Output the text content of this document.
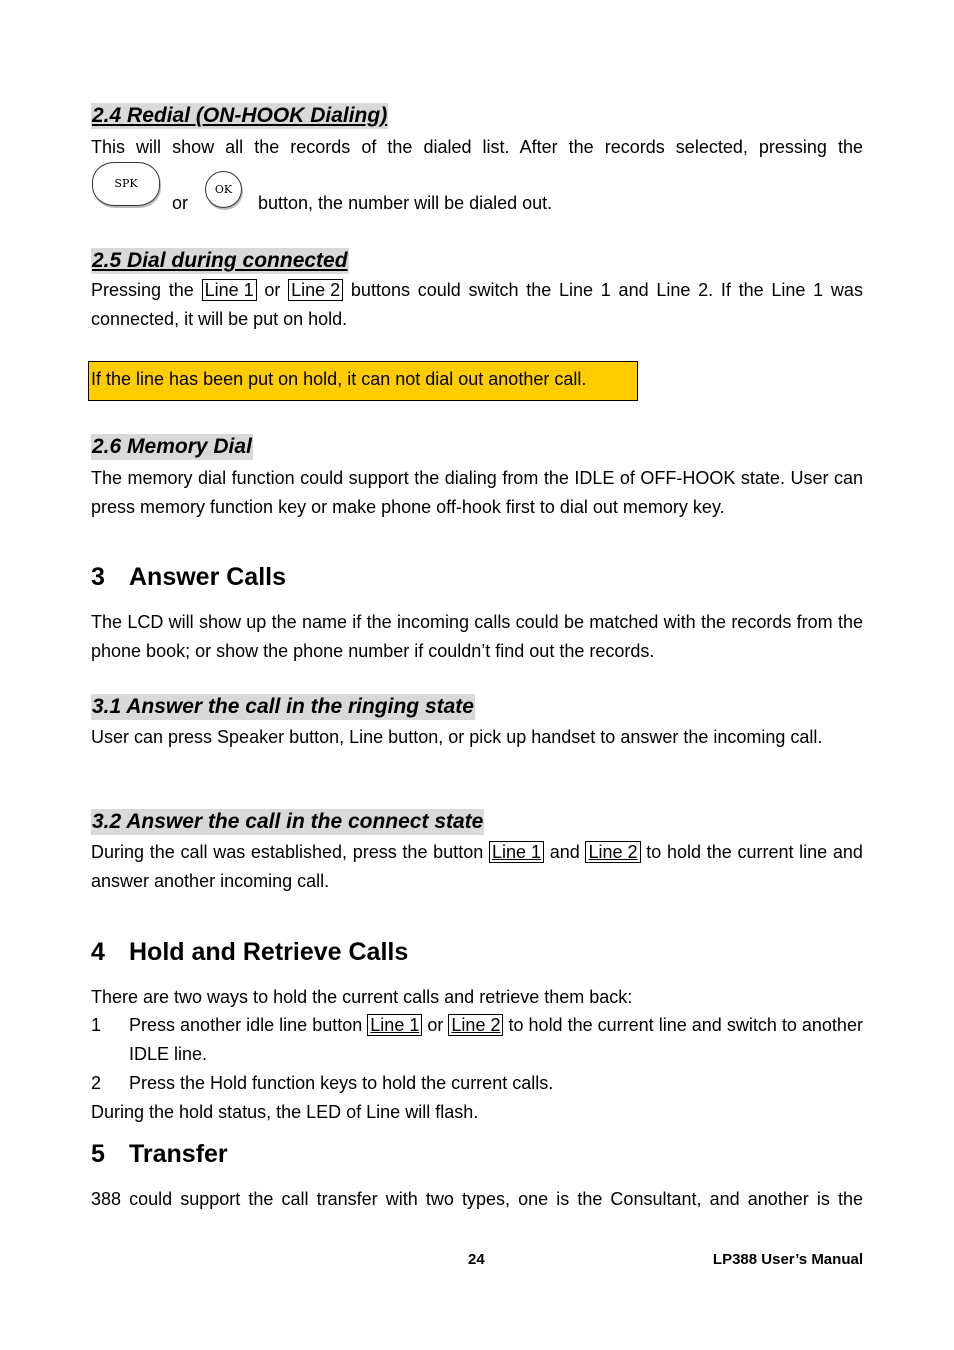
2.4 Redial (ON-HOOK Dialing)
This will show all the records of the dialed list. After the records selected, pressing the
SPK
or
OK
button, the number will be dialed out.
2.5 Dial during connected
Pressing the Line 1 or Line 2 buttons could switch the Line 1 and Line 2. If the Line 1 was connected, it will be put on hold.
If the line has been put on hold, it can not dial out another call.
2.6 Memory Dial
The memory dial function could support the dialing from the IDLE of OFF-HOOK state. User can press memory function key or make phone off-hook first to dial out memory key.
3 Answer Calls
The LCD will show up the name if the incoming calls could be matched with the records from the phone book; or show the phone number if couldn’t find out the records.
3.1 Answer the call in the ringing state
User can press Speaker button, Line button, or pick up handset to answer the incoming call.
3.2 Answer the call in the connect state
During the call was established, press the button Line 1 and Line 2 to hold the current line and answer another incoming call.
4 Hold and Retrieve Calls
There are two ways to hold the current calls and retrieve them back:
1 Press another idle line button Line 1 or Line 2 to hold the current line and switch to another IDLE line.
2 Press the Hold function keys to hold the current calls.
During the hold status, the LED of Line will flash.
5 Transfer
388 could support the call transfer with two types, one is the Consultant, and another is the
24	LP388 User’s Manual
